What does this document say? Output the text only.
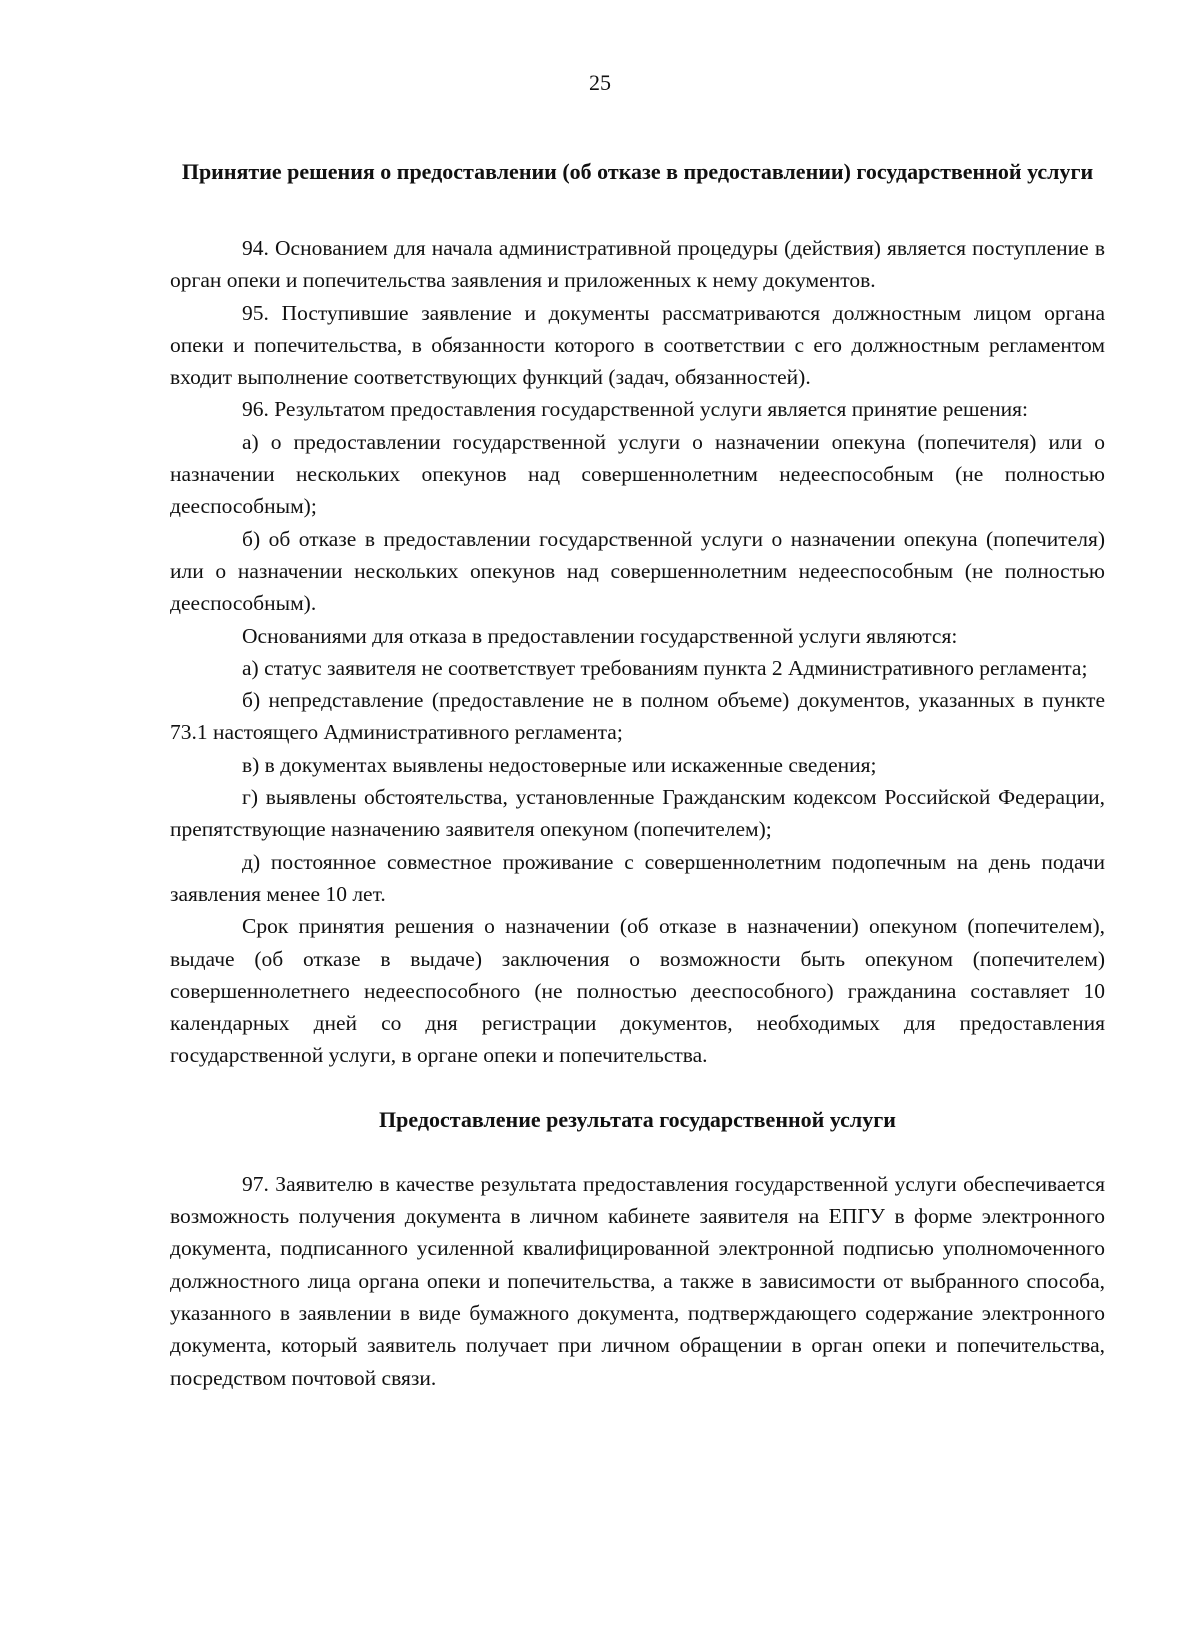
25
Принятие решения о предоставлении (об отказе в предоставлении) государственной услуги

94. Основанием для начала административной процедуры (действия) является поступление в орган опеки и попечительства заявления и приложенных к нему документов.

95. Поступившие заявление и документы рассматриваются должностным лицом органа опеки и попечительства, в обязанности которого в соответствии с его должностным регламентом входит выполнение соответствующих функций (задач, обязанностей).

96. Результатом предоставления государственной услуги является принятие решения:

а) о предоставлении государственной услуги о назначении опекуна (попечителя) или о назначении нескольких опекунов над совершеннолетним недееспособным (не полностью дееспособным);

б) об отказе в предоставлении государственной услуги о назначении опекуна (попечителя) или о назначении нескольких опекунов над совершеннолетним недееспособным (не полностью дееспособным).

Основаниями для отказа в предоставлении государственной услуги являются:

а) статус заявителя не соответствует требованиям пункта 2 Административного регламента;

б) непредставление (предоставление не в полном объеме) документов, указанных в пункте 73.1 настоящего Административного регламента;

в) в документах выявлены недостоверные или искаженные сведения;

г) выявлены обстоятельства, установленные Гражданским кодексом Российской Федерации, препятствующие назначению заявителя опекуном (попечителем);

д) постоянное совместное проживание с совершеннолетним подопечным на день подачи заявления менее 10 лет.

Срок принятия решения о назначении (об отказе в назначении) опекуном (попечителем), выдаче (об отказе в выдаче) заключения о возможности быть опекуном (попечителем) совершеннолетнего недееспособного (не полностью дееспособного) гражданина составляет 10 календарных дней со дня регистрации документов, необходимых для предоставления государственной услуги, в органе опеки и попечительства.

Предоставление результата государственной услуги

97. Заявителю в качестве результата предоставления государственной услуги обеспечивается возможность получения документа в личном кабинете заявителя на ЕПГУ в форме электронного документа, подписанного усиленной квалифицированной электронной подписью уполномоченного должностного лица органа опеки и попечительства, а также в зависимости от выбранного способа, указанного в заявлении в виде бумажного документа, подтверждающего содержание электронного документа, который заявитель получает при личном обращении в орган опеки и попечительства, посредством почтовой связи.
